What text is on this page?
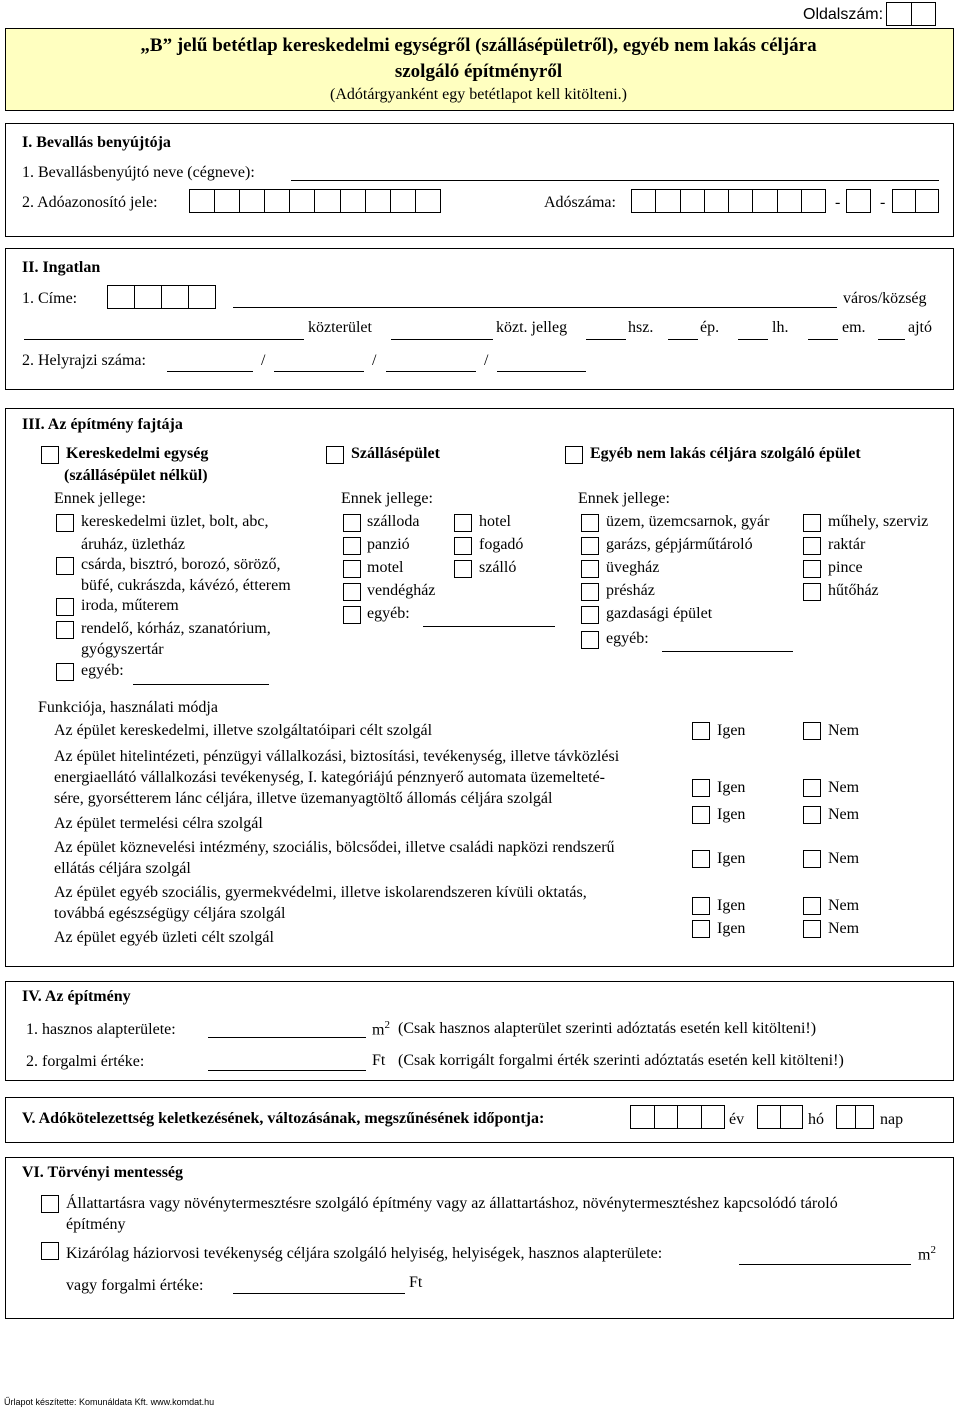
Oldalszám:
„B” jelű betétlap kereskedelmi egységről (szállásépületről), egyéb nem lakás céljára
szolgáló építményről
(Adótárgyanként egy betétlapot kell kitölteni.)
I. Bevallás benyújtója
1. Bevallásbenyújtó neve (cégneve):
2. Adóazonosító jele:	Adószáma:	- -
II. Ingatlan
1. Címe:	város/község
közterület	közt. jelleg	hsz.	ép.	lh.	em.	ajtó
2. Helyrajzi száma:	/	/	/
III. Az építmény fajtája
Kereskedelmi egység
(szállásépület nélkül)
Ennek jellege:
kereskedelmi üzlet, bolt, abc,
áruház, üzletház
csárda, bisztró, borozó, söröző,
büfé, cukrászda, kávézó, étterem
iroda, műterem
rendelő, kórház, szanatórium,
gyógyszertár
egyéb:
Szállásépület
Ennek jellege:
szálloda
panzió
motel
vendégház
egyéb:
hotel
fogadó
szálló
Egyéb nem lakás céljára szolgáló épület
Ennek jellege:
üzem, üzemcsarnok, gyár
garázs, gépjárműtároló
üvegház
présház
gazdasági épület
egyéb:
műhely, szerviz
raktár
pince
hűtőház
Funkciója, használati módja
Az épület kereskedelmi, illetve szolgáltatóipari célt szolgál	Igen	Nem
Az épület hitelintézeti, pénzügyi vállalkozási, biztosítási, tevékenység, illetve távközlési
energiaellátó vállalkozási tevékenység, I. kategóriájú pénznyerő automata üzemelteté-
sére, gyorsétterem lánc céljára, illetve üzemanyagtöltő állomás céljára szolgál
Igen	Nem
Az épület termelési célra szolgál
Igen	Nem
Az épület köznevelési intézmény, szociális, bölcsődei, illetve családi napközi rendszerű
ellátás céljára szolgál
Igen	Nem
Az épület egyéb szociális, gyermekvédelmi, illetve iskolarendszeren kívüli oktatás,
továbbá egészségügy céljára szolgál	Igen	Nem
Az épület egyéb üzleti célt szolgál
Igen	Nem
IV. Az építmény
1. hasznos alapterülete:	$m^2$ (Csak hasznos alapterület szerinti adóztatás esetén kell kitölteni!)
2. forgalmi értéke:	Ft (Csak korrigált forgalmi érték szerinti adóztatás esetén kell kitölteni!)
V. Adókötelezettség keletkezésének, változásának, megszűnésének időpontja:	év	hó	nap
VI. Törvényi mentesség
Állattartásra vagy növénytermesztésre szolgáló építmény vagy az állattartáshoz, növénytermesztéshez kapcsolódó tároló
építmény
Kizárólag háziorvosi tevékenység céljára szolgáló helyiség, helyiségek, hasznos alapterülete:	$m^2$
vagy forgalmi értéke:	Ft
Űrlapot készítette: Komunáldata Kft. www.komdat.hu
